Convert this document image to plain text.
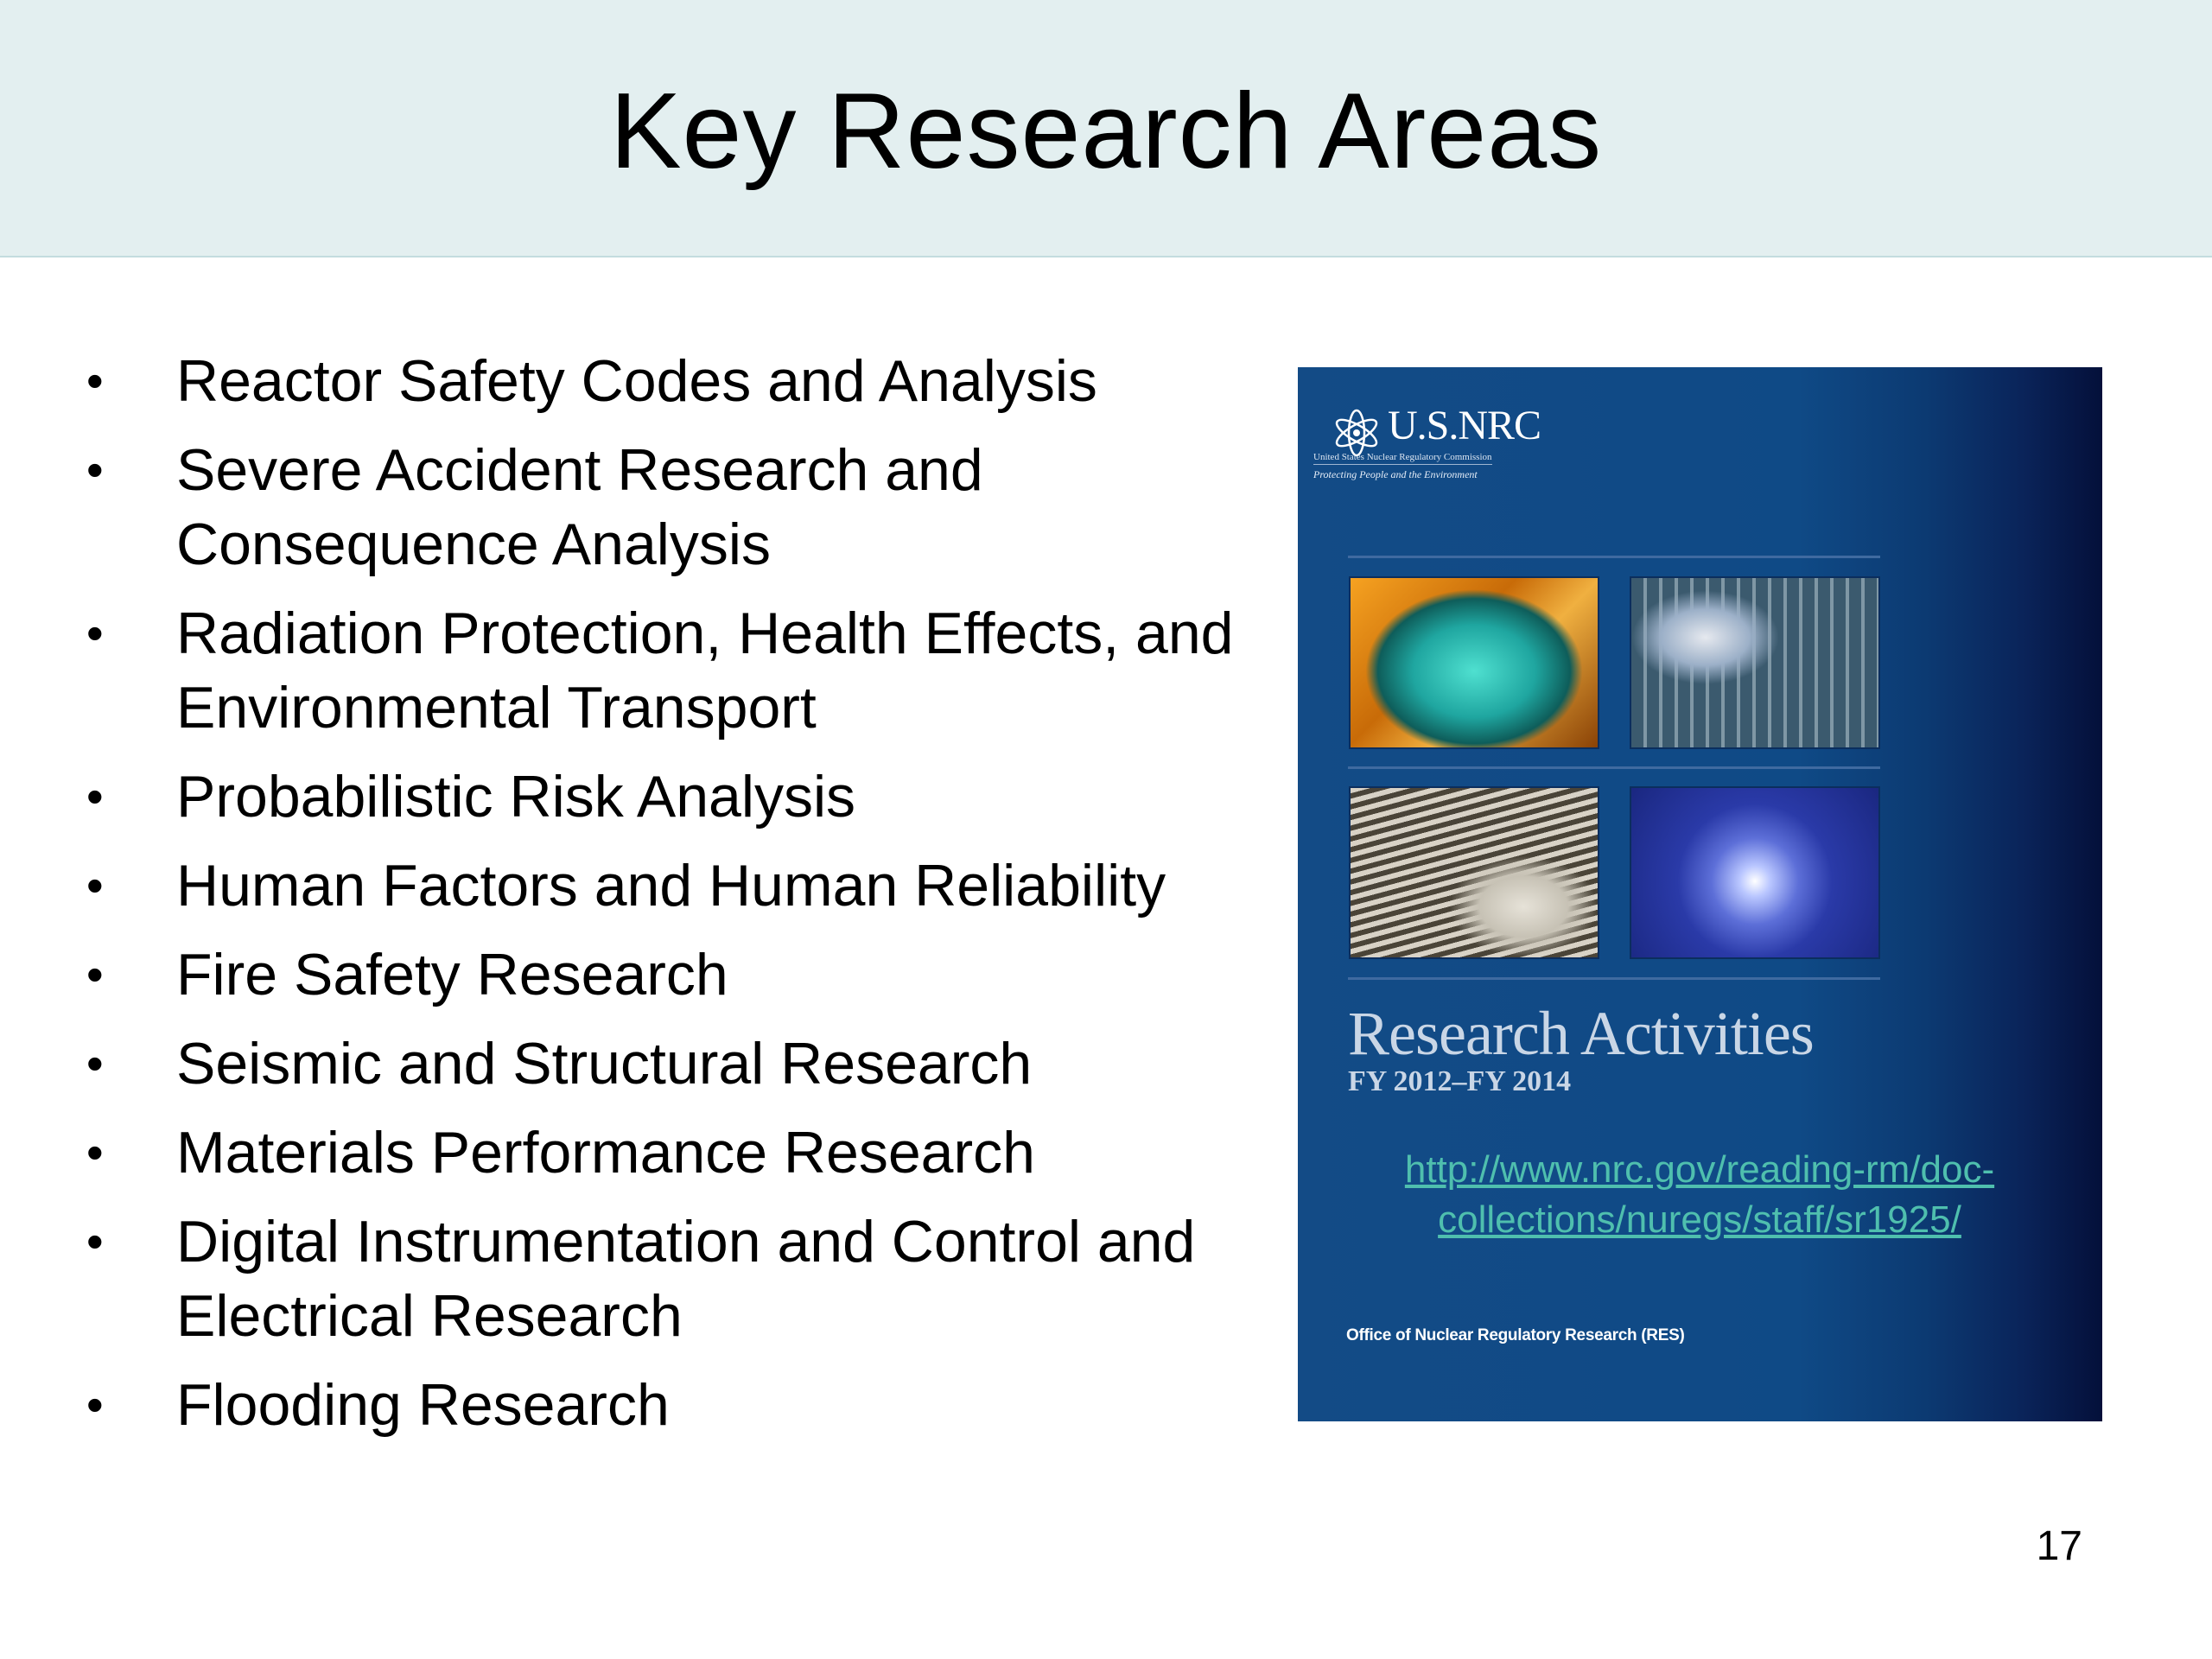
Key Research Areas
• Reactor Safety Codes and Analysis
• Severe Accident Research and Consequence Analysis
• Radiation Protection, Health Effects, and Environmental Transport
• Probabilistic Risk Analysis
• Human Factors and Human Reliability
• Fire Safety Research
• Seismic and Structural Research
• Materials Performance Research
• Digital Instrumentation and Control and Electrical Research
• Flooding Research
U.S.NRC
United States Nuclear Regulatory Commission
Protecting People and the Environment
Research Activities
FY 2012–FY 2014
http://www.nrc.gov/reading-rm/doc-
collections/nuregs/staff/sr1925/
Office of Nuclear Regulatory Research (RES)
17
